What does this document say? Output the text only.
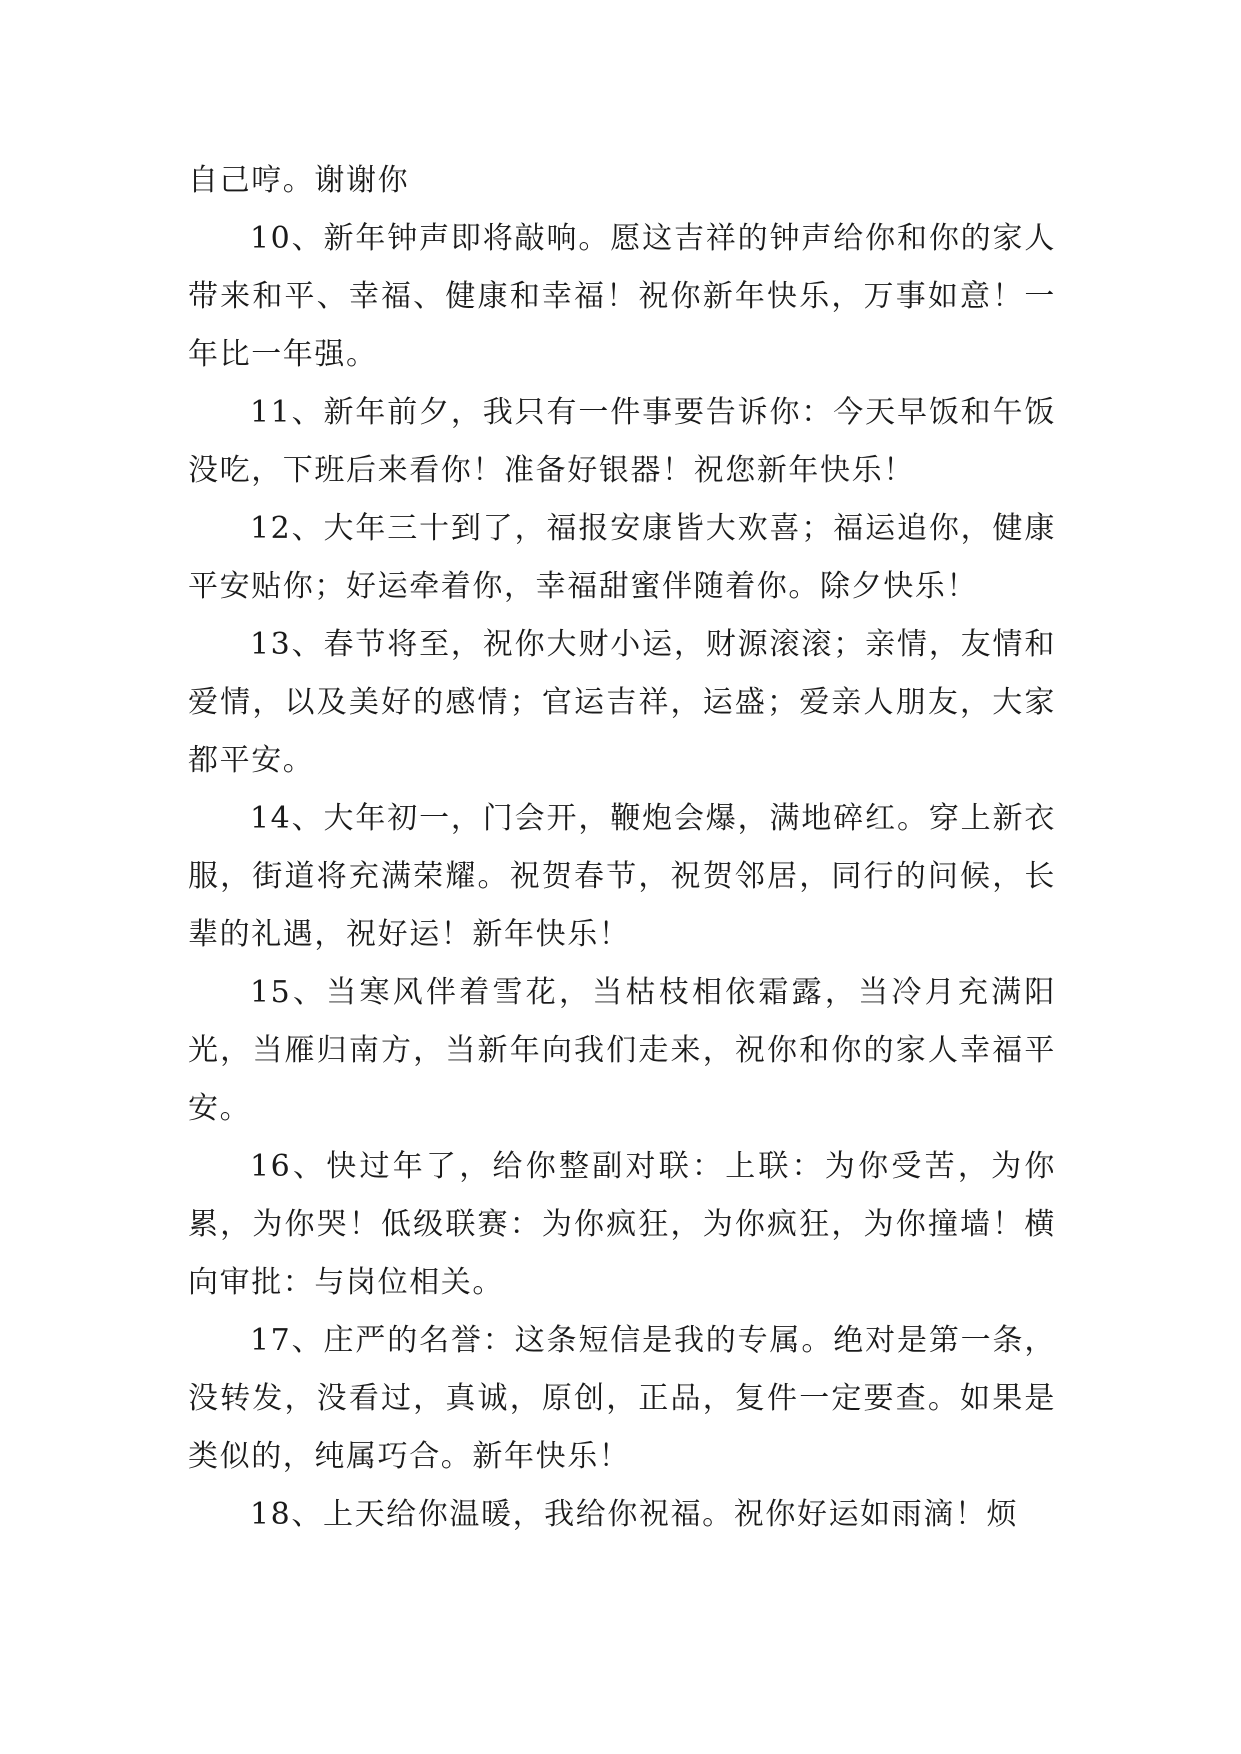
自己哼。谢谢你

10、新年钟声即将敲响。愿这吉祥的钟声给你和你的家人带来和平、幸福、健康和幸福！祝你新年快乐，万事如意！一年比一年强。

11、新年前夕，我只有一件事要告诉你：今天早饭和午饭没吃，下班后来看你！准备好银器！祝您新年快乐！

12、大年三十到了，福报安康皆大欢喜；福运追你，健康平安贴你；好运牵着你，幸福甜蜜伴随着你。除夕快乐！

13、春节将至，祝你大财小运，财源滚滚；亲情，友情和爱情，以及美好的感情；官运吉祥，运盛；爱亲人朋友，大家都平安。

14、大年初一，门会开，鞭炮会爆，满地碎红。穿上新衣服，街道将充满荣耀。祝贺春节，祝贺邻居，同行的问候，长辈的礼遇，祝好运！新年快乐！

15、当寒风伴着雪花，当枯枝相依霜露，当冷月充满阳光，当雁归南方，当新年向我们走来，祝你和你的家人幸福平安。

16、快过年了，给你整副对联：上联：为你受苦，为你累，为你哭！低级联赛：为你疯狂，为你疯狂，为你撞墙！横向审批：与岗位相关。

17、庄严的名誉：这条短信是我的专属。绝对是第一条，没转发，没看过，真诚，原创，正品，复件一定要查。如果是类似的，纯属巧合。新年快乐！

18、上天给你温暖，我给你祝福。祝你好运如雨滴！烦
